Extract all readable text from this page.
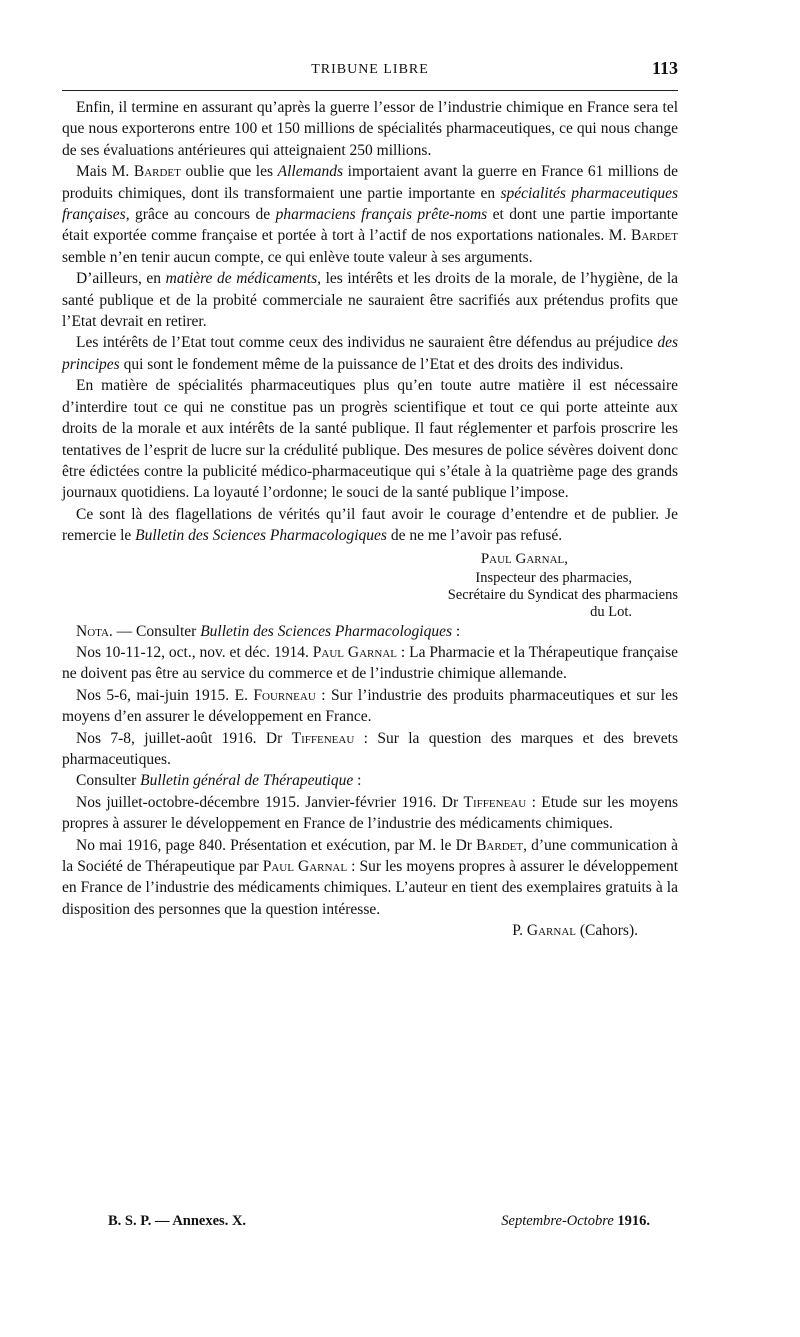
TRIBUNE LIBRE	113

Enfin, il termine en assurant qu’après la guerre l’essor de l’industrie chimique en France sera tel que nous exporterons entre 100 et 150 millions de spécialités pharmaceutiques, ce qui nous change de ses évaluations antérieures qui atteignaient 250 millions.

Mais M. Bardet oublie que les Allemands importaient avant la guerre en France 61 millions de produits chimiques, dont ils transformaient une partie importante en spécialités pharmaceutiques françaises, grâce au concours de pharmaciens français prête-noms et dont une partie importante était exportée comme française et portée à tort à l’actif de nos exportations nationales. M. Bardet semble n’en tenir aucun compte, ce qui enlève toute valeur à ses arguments.

D’ailleurs, en matière de médicaments, les intérêts et les droits de la morale, de l’hygiène, de la santé publique et de la probité commerciale ne sauraient être sacrifiés aux prétendus profits que l’Etat devrait en retirer.

Les intérêts de l’Etat tout comme ceux des individus ne sauraient être défendus au préjudice des principes qui sont le fondement même de la puissance de l’Etat et des droits des individus.

En matière de spécialités pharmaceutiques plus qu’en toute autre matière il est nécessaire d’interdire tout ce qui ne constitue pas un progrès scientifique et tout ce qui porte atteinte aux droits de la morale et aux intérêts de la santé publique. Il faut réglementer et parfois proscrire les tentatives de l’esprit de lucre sur la crédulité publique. Des mesures de police sévères doivent donc être édictées contre la publicité médico-pharmaceutique qui s’étale à la quatrième page des grands journaux quotidiens. La loyauté l’ordonne; le souci de la santé publique l’impose.

Ce sont là des flagellations de vérités qu’il faut avoir le courage d’entendre et de publier. Je remercie le Bulletin des Sciences Pharmacologiques de ne me l’avoir pas refusé.

Paul Garnal,
Inspecteur des pharmacies,
Secrétaire du Syndicat des pharmaciens
du Lot.

Nota. — Consulter Bulletin des Sciences Pharmacologiques :

Nos 10-11-12, oct., nov. et déc. 1914. Paul Garnal : La Pharmacie et la Thérapeutique française ne doivent pas être au service du commerce et de l’industrie chimique allemande.

Nos 5-6, mai-juin 1915. E. Fourneau : Sur l’industrie des produits pharmaceutiques et sur les moyens d’en assurer le développement en France.

Nos 7-8, juillet-août 1916. Dr Tiffeneau : Sur la question des marques et des brevets pharmaceutiques.

Consulter Bulletin général de Thérapeutique :

Nos juillet-octobre-décembre 1915. Janvier-février 1916. Dr Tiffeneau : Etude sur les moyens propres à assurer le développement en France de l’industrie des médicaments chimiques.

No mai 1916, page 840. Présentation et exécution, par M. le Dr Bardet, d’une communication à la Société de Thérapeutique par Paul Garnal : Sur les moyens propres à assurer le développement en France de l’industrie des médicaments chimiques. L’auteur en tient des exemplaires gratuits à la disposition des personnes que la question intéresse.

P. Garnal (Cahors).
B. S. P. — Annexes. X.	Septembre-Octobre 1916.
